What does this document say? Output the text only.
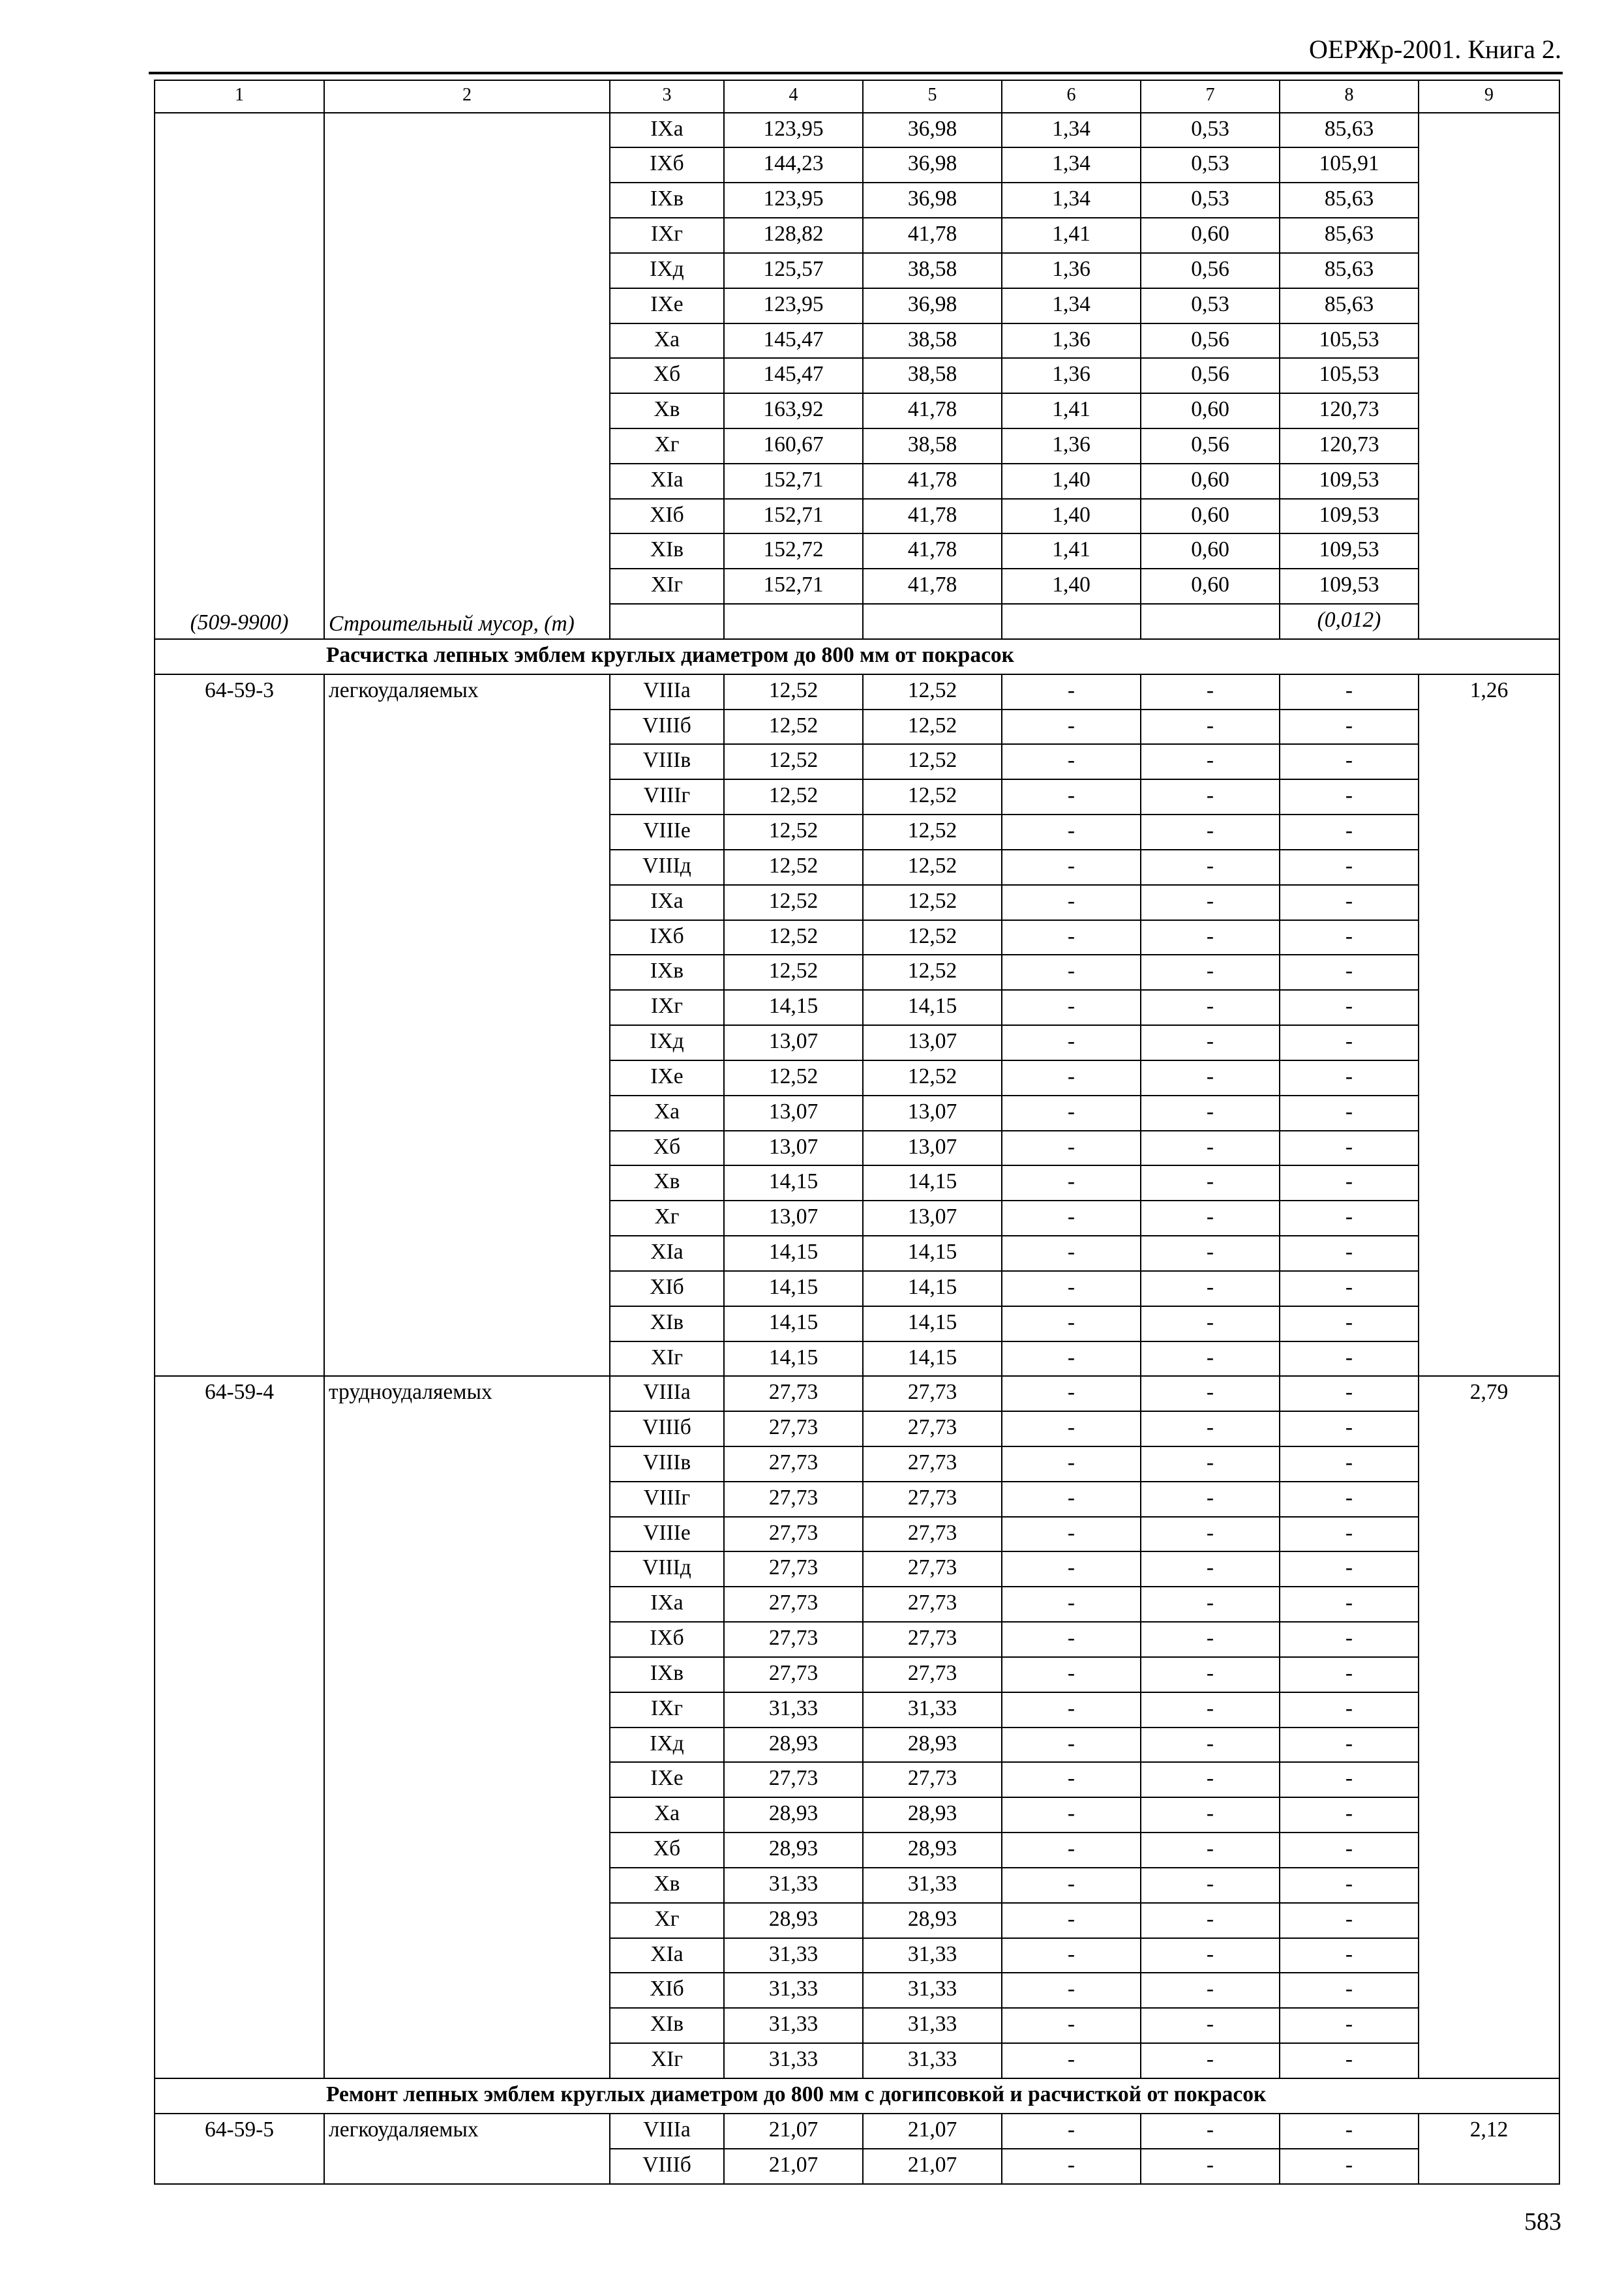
ОЕРЖр-2001. Книга 2.
1	2	3	4	5	6	7	8	9
(509-9900)	Строительный мусор, (т)	IXа	123,95	36,98	1,34	0,53	85,63	
		IXб	144,23	36,98	1,34	0,53	105,91	
		IXв	123,95	36,98	1,34	0,53	85,63	
		IXг	128,82	41,78	1,41	0,60	85,63	
		IXд	125,57	38,58	1,36	0,56	85,63	
		IXе	123,95	36,98	1,34	0,53	85,63	
		Xа	145,47	38,58	1,36	0,56	105,53	
		Xб	145,47	38,58	1,36	0,56	105,53	
		Xв	163,92	41,78	1,41	0,60	120,73	
		Xг	160,67	38,58	1,36	0,56	120,73	
		XIа	152,71	41,78	1,40	0,60	109,53	
		XIб	152,71	41,78	1,40	0,60	109,53	
		XIв	152,72	41,78	1,41	0,60	109,53	
		XIг	152,71	41,78	1,40	0,60	109,53	
							(0,012)	
Расчистка лепных эмблем круглых диаметром до 800 мм от покрасок								
64-59-3	легкоудаляемых	VIIIа	12,52	12,52	-	-	-	1,26
		VIIIб	12,52	12,52	-	-	-	
		VIIIв	12,52	12,52	-	-	-	
		VIIIг	12,52	12,52	-	-	-	
		VIIIе	12,52	12,52	-	-	-	
		VIIIд	12,52	12,52	-	-	-	
		IXа	12,52	12,52	-	-	-	
		IXб	12,52	12,52	-	-	-	
		IXв	12,52	12,52	-	-	-	
		IXг	14,15	14,15	-	-	-	
		IXд	13,07	13,07	-	-	-	
		IXе	12,52	12,52	-	-	-	
		Xа	13,07	13,07	-	-	-	
		Xб	13,07	13,07	-	-	-	
		Xв	14,15	14,15	-	-	-	
		Xг	13,07	13,07	-	-	-	
		XIа	14,15	14,15	-	-	-	
		XIб	14,15	14,15	-	-	-	
		XIв	14,15	14,15	-	-	-	
		XIг	14,15	14,15	-	-	-	
64-59-4	трудноудаляемых	VIIIа	27,73	27,73	-	-	-	2,79
		VIIIб	27,73	27,73	-	-	-	
		VIIIв	27,73	27,73	-	-	-	
		VIIIг	27,73	27,73	-	-	-	
		VIIIе	27,73	27,73	-	-	-	
		VIIIд	27,73	27,73	-	-	-	
		IXа	27,73	27,73	-	-	-	
		IXб	27,73	27,73	-	-	-	
		IXв	27,73	27,73	-	-	-	
		IXг	31,33	31,33	-	-	-	
		IXд	28,93	28,93	-	-	-	
		IXе	27,73	27,73	-	-	-	
		Xа	28,93	28,93	-	-	-	
		Xб	28,93	28,93	-	-	-	
		Xв	31,33	31,33	-	-	-	
		Xг	28,93	28,93	-	-	-	
		XIа	31,33	31,33	-	-	-	
		XIб	31,33	31,33	-	-	-	
		XIв	31,33	31,33	-	-	-	
		XIг	31,33	31,33	-	-	-	
Ремонт лепных эмблем круглых диаметром до 800 мм с догипсовкой и расчисткой от покрасок								
64-59-5	легкоудаляемых	VIIIа	21,07	21,07	-	-	-	2,12
		VIIIб	21,07	21,07	-	-	-	
583
